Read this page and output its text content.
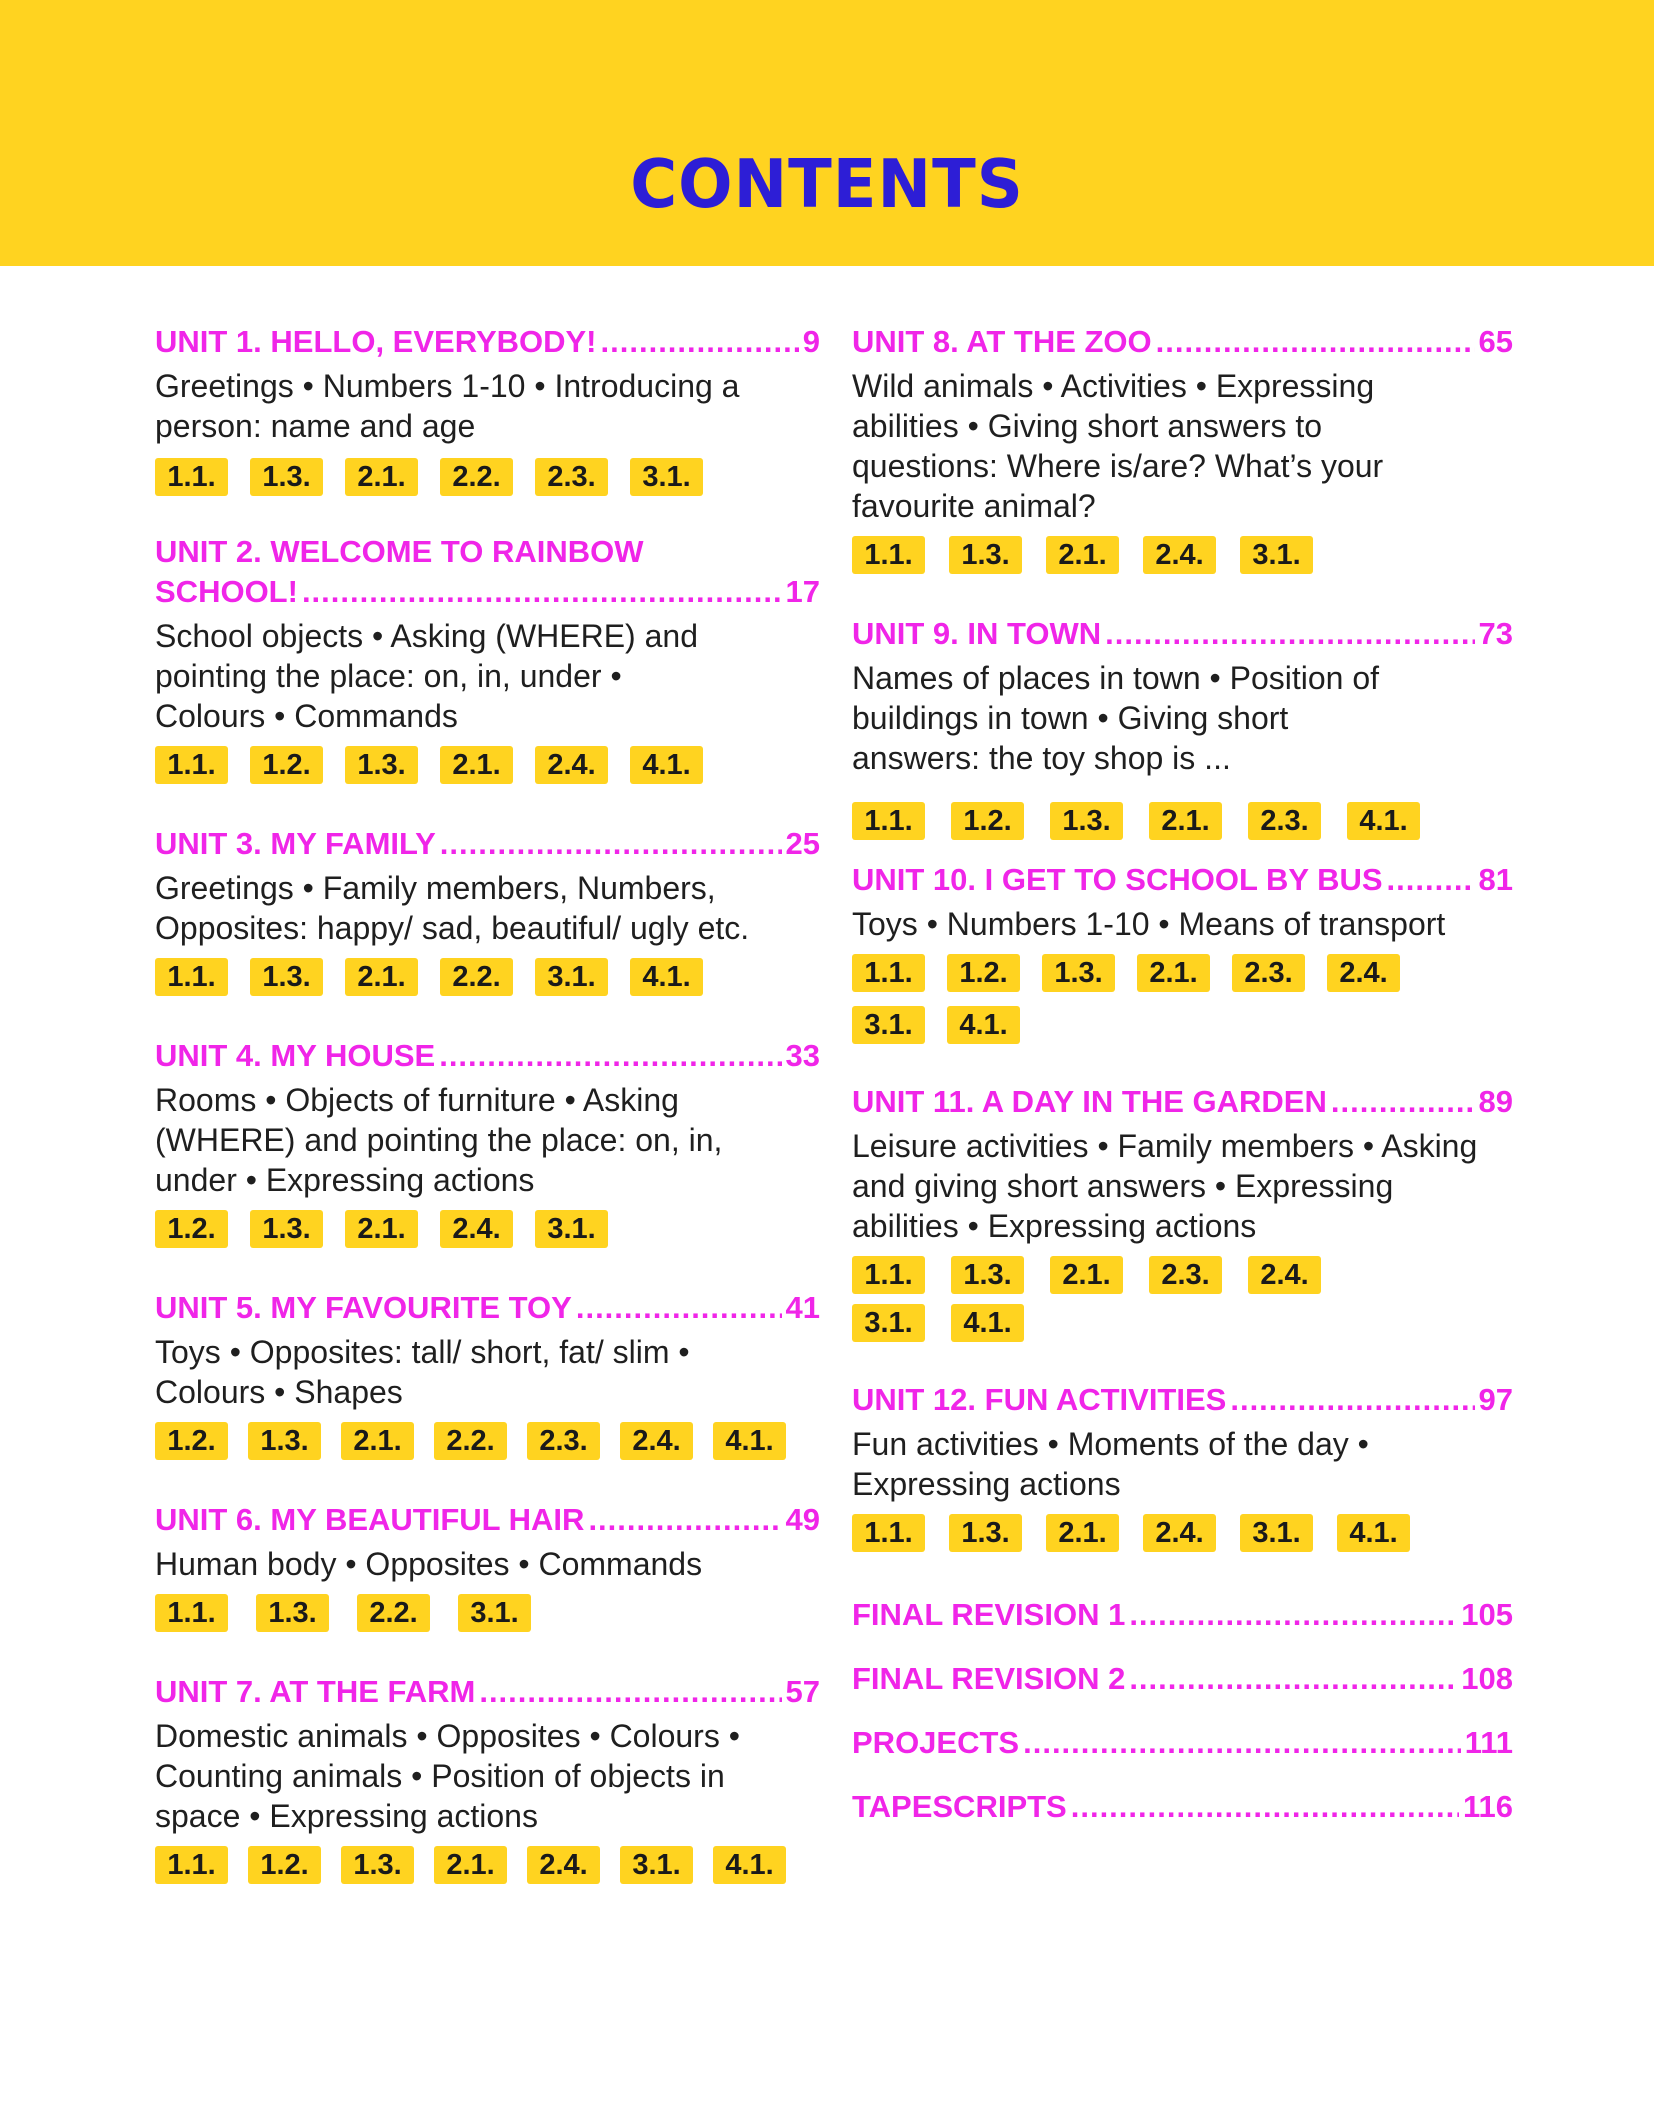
CONTENTS
UNIT 1. HELLO, EVERYBODY! .....	9
Greetings • Numbers 1-10 • Introducing a person: name and age
1.1.	1.3.	2.1.	2.2.	2.3.	3.1.
UNIT 2. WELCOME TO RAINBOW
SCHOOL! .....	17
School objects • Asking (WHERE) and pointing the place: on, in, under • Colours • Commands
1.1.	1.2.	1.3.	2.1.	2.4.	4.1.
UNIT 3. MY FAMILY .....	25
Greetings • Family members, Numbers, Opposites: happy/ sad, beautiful/ ugly etc.
1.1.	1.3.	2.1.	2.2.	3.1.	4.1.
UNIT 4. MY HOUSE .....	33
Rooms • Objects of furniture • Asking (WHERE) and pointing the place: on, in, under • Expressing actions
1.2.	1.3.	2.1.	2.4.	3.1.
UNIT 5. MY FAVOURITE TOY .....	41
Toys • Opposites: tall/ short, fat/ slim • Colours • Shapes
1.2.	1.3.	2.1.	2.2.	2.3.	2.4.	4.1.
UNIT 6. MY BEAUTIFUL HAIR .....	49
Human body • Opposites • Commands
1.1.	1.3.	2.2.	3.1.
UNIT 7. AT THE FARM .....	57
Domestic animals • Opposites • Colours • Counting animals • Position of objects in space • Expressing actions
1.1.	1.2.	1.3.	2.1.	2.4.	3.1.	4.1.
UNIT 8. AT THE ZOO .....	65
Wild animals • Activities • Expressing abilities • Giving short answers to questions: Where is/are? What’s your favourite animal?
1.1.	1.3.	2.1.	2.4.	3.1.
UNIT 9. IN TOWN .....	73
Names of places in town • Position of buildings in town • Giving short answers: the toy shop is ...
1.1.	1.2.	1.3.	2.1.	2.3.	4.1.
UNIT 10. I GET TO SCHOOL BY BUS .....	81
Toys • Numbers 1-10 • Means of transport
1.1.	1.2.	1.3.	2.1.	2.3.	2.4.
3.1.	4.1.
UNIT 11. A DAY IN THE GARDEN .....	89
Leisure activities • Family members • Asking and giving short answers • Expressing abilities • Expressing actions
1.1.	1.3.	2.1.	2.3.	2.4.
3.1.	4.1.
UNIT 12. FUN ACTIVITIES .....	97
Fun activities • Moments of the day • Expressing actions
1.1.	1.3.	2.1.	2.4.	3.1.	4.1.
FINAL REVISION 1 .....	105
FINAL REVISION 2 .....	108
PROJECTS .....	111
TAPESCRIPTS .....	116
